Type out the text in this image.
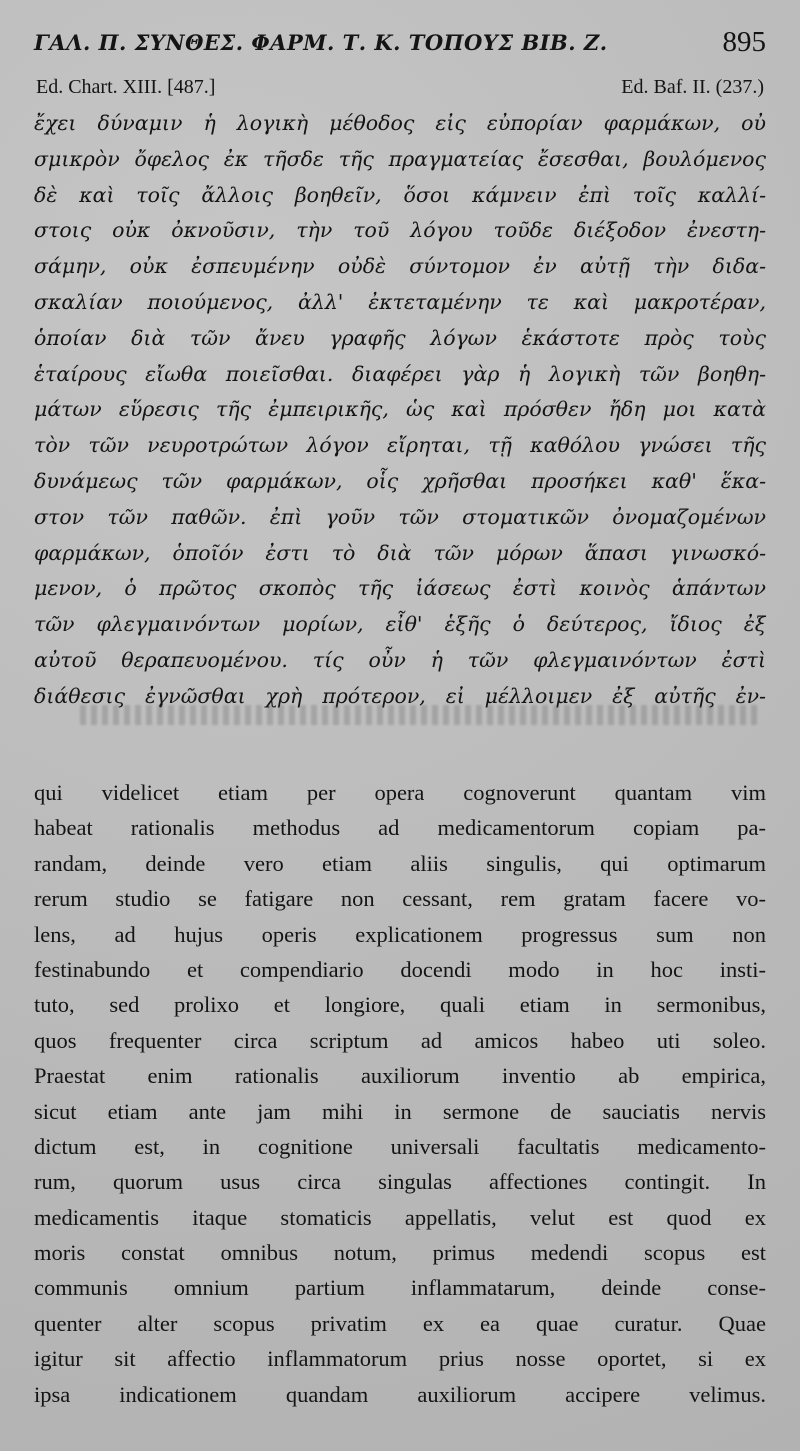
ΓΑΛ. Π. ΣΥΝΘΕΣ. ΦΑΡΜ. Τ. Κ. ΤΟΠΟΥΣ ΒΙΒ. Ζ.	895
Ed. Chart. XIII. [487.]	Ed. Baf. II. (237.)
ἔχει δύναμιν ἡ λογικὴ μέθοδος εἰς εὐπορίαν φαρμάκων, οὐ
σμικρὸν ὄφελος ἐκ τῆσδε τῆς πραγματείας ἔσεσθαι, βουλόμενος
δὲ καὶ τοῖς ἄλλοις βοηθεῖν, ὅσοι κάμνειν ἐπὶ τοῖς καλλί-
στοις οὐκ ὀκνοῦσιν, τὴν τοῦ λόγου τοῦδε διέξοδον ἐνεστη-
σάμην, οὐκ ἐσπευμένην οὐδὲ σύντομον ἐν αὐτῇ τὴν διδα-
σκαλίαν ποιούμενος, ἀλλ' ἐκτεταμένην τε καὶ μακροτέραν,
ὁποίαν διὰ τῶν ἄνευ γραφῆς λόγων ἑκάστοτε πρὸς τοὺς
ἑταίρους εἴωθα ποιεῖσθαι. διαφέρει γὰρ ἡ λογικὴ τῶν βοηθη-
μάτων εὕρεσις τῆς ἐμπειρικῆς, ὡς καὶ πρόσθεν ἤδη μοι κατὰ
τὸν τῶν νευροτρώτων λόγον εἴρηται, τῇ καθόλου γνώσει τῆς
δυνάμεως τῶν φαρμάκων, οἷς χρῆσθαι προσήκει καθ' ἕκα-
στον τῶν παθῶν. ἐπὶ γοῦν τῶν στοματικῶν ὀνομαζομένων
φαρμάκων, ὁποῖόν ἐστι τὸ διὰ τῶν μόρων ἅπασι γινωσκό-
μενον, ὁ πρῶτος σκοπὸς τῆς ἰάσεως ἐστὶ κοινὸς ἁπάντων
τῶν φλεγμαινόντων μορίων, εἶθ' ἑξῆς ὁ δεύτερος, ἴδιος ἐξ
αὐτοῦ θεραπευομένου. τίς οὖν ἡ τῶν φλεγμαινόντων ἐστὶ
διάθεσις ἐγνῶσθαι χρὴ πρότερον, εἰ μέλλοιμεν ἐξ αὐτῆς ἐν-
qui videlicet etiam per opera cognoverunt quantam vim
habeat rationalis methodus ad medicamentorum copiam pa-
randam, deinde vero etiam aliis singulis, qui optimarum
rerum studio se fatigare non cessant, rem gratam facere vo-
lens, ad hujus operis explicationem progressus sum non
festinabundo et compendiario docendi modo in hoc insti-
tuto, sed prolixo et longiore, quali etiam in sermonibus,
quos frequenter circa scriptum ad amicos habeo uti soleo.
Praestat enim rationalis auxiliorum inventio ab empirica,
sicut etiam ante jam mihi in sermone de sauciatis nervis
dictum est, in cognitione universali facultatis medicamento-
rum, quorum usus circa singulas affectiones contingit. In
medicamentis itaque stomaticis appellatis, velut est quod ex
moris constat omnibus notum, primus medendi scopus est
communis omnium partium inflammatarum, deinde conse-
quenter alter scopus privatim ex ea quae curatur. Quae
igitur sit affectio inflammatorum prius nosse oportet, si ex
ipsa indicationem quandam auxiliorum accipere velimus.
